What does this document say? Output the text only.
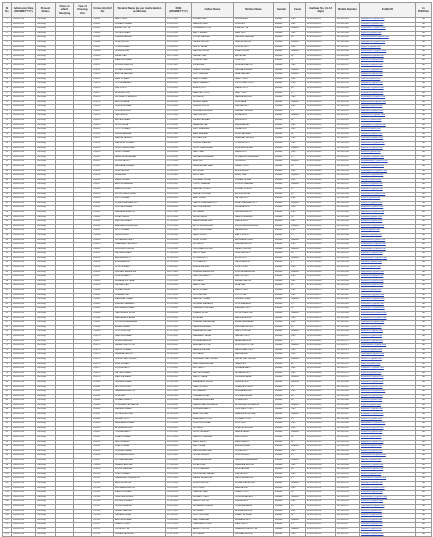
Sl No	Admission Date (DD/MM/YYYY)	Present Status	Class in which Studying	Year of Passing Out	University Roll No	Student Name (as per matriculation certificate)	DOB (DD/MM/YYYY)	Father Name	Mother Name	Gender	Caste	Aadhaar No. (in 12 digit)	Mobile Number	E-Mail ID	In PH/Other
1	09/09/2019	Pursuing			120001	BANTI PAUL	12-11-2000	MOHAN PAUL	REKHA PAUL	Female	OBC	615011002011	9111001001	bantipaul11@gmail.com	No
2	09/09/2019	Pursuing			120002	SUMAN KUMARI	02-04-2001	RAMESH SAH	SITA DEVI	Female	OBC	615011002012	9111001002	sumank02@gmail.com	No
3	09/09/2019	Pursuing			120003	ANJALI DUTTA	17-08-2000	SUBRATA DUTTA	MINA DUTTA	Female	General	615011002013	9111001003	anjalidutta17@gmail.com	No
4	09/09/2019	Pursuing			120004	PRIYA KUMARI	25-01-2001	ANIL PRASAD	RANI DEVI	Female	OBC	615011002014	9111001004	priyak25@gmail.com	No
5	09/09/2019	Pursuing			120005	SNEHA MANDAL	08-06-2000	GOPAL MANDAL	LAKSHMI MANDAL	Female	SC	615011002015	9111001005	snehamandal08@gmail.com	No
6	09/09/2019	Pursuing			120006	RIYA GHOSH	30-10-2000	TAPAN GHOSH	SABITA GHOSH	Female	General	615011002016	9111001006	riyaghosh30@gmail.com	No
7	09/09/2019	Pursuing			120007	PUJA KUMARI	14-03-2001	BINOD YADAV	SUNITA DEVI	Female	OBC	615011002017	9111001007	pujak14@gmail.com	No
8	09/09/2019	Pursuing			120008	NISHA SINGH	21-07-2000	RAJESH SINGH	KIRAN SINGH	Female	General	615011002018	9111001008	nishasingh21@gmail.com	No
9	09/09/2019	Pursuing			120009	KAJAL DAS	05-12-2000	SANJAY DAS	ANITA DAS	Female	SC	615011002019	9111001009	kajaldas05@gmail.com	No
10	09/09/2019	Pursuing			120010	MAMTA KUMARI	19-09-2000	SURESH RAM	GITA DEVI	Female	SC	615011002020	9111001010	mamtak19@gmail.com	No
11	09/09/2019	Pursuing			120011	ROSHNI KHATUN	11-02-2001	MD ASLAM	RUBINA KHATUN	Female	OBC	615011002021	9111001011	roshnik11@gmail.com	No
12	09/09/2019	Pursuing			120012	SONALI BISWAS	27-05-2000	PRADIP BISWAS	SHIKHA BISWAS	Female	General	615011002022	9111001012	sonalib27@gmail.com	No
13	09/09/2019	Pursuing			120013	AMRITA SARKAR	03-11-2000	DILIP SARKAR	JAYA SARKAR	Female	General	615011002023	9111001013	amritas03@gmail.com	No
14	09/09/2019	Pursuing			120014	RANI KUMARI	16-08-2000	MANOJ SHAH	SAROJ DEVI	Female	OBC	615011002024	9111001014	ranik16@gmail.com	No
15	09/09/2019	Pursuing			120015	POOJA MAHATO	09-04-2001	RAMJI MAHATO	PHOOLMATI DEVI	Female	OBC	615011002025	9111001015	poojam09@gmail.com	No
16	09/09/2019	Pursuing			120016	SHILPI ROY	22-01-2001	ASHOK ROY	MALATI ROY	Female	SC	615011002026	9111001016	shilpiroy22@gmail.com	No
17	09/09/2019	Pursuing			120017	MONIKA TUDU	13-06-2000	BABULAL TUDU	SAKI TUDU	Female	ST	615011002027	9111001017	monikat13@gmail.com	No
18	09/09/2019	Pursuing			120018	KHUSHBU PRAVEEN	28-09-2000	MD SALIM	NASIMA BEGUM	Female	OBC	615011002028	9111001018	khushbup28@gmail.com	No
19	09/09/2019	Pursuing			120019	ARPITA SAHA	06-03-2001	BIKASH SAHA	RITA SAHA	Female	General	615011002029	9111001019	arpitasaha06@gmail.com	No
20	09/09/2019	Pursuing			120020	SWETA KUMARI	18-10-2000	UMESH GUPTA	MEENA DEVI	Female	OBC	615011002030	9111001020	swetak18@gmail.com	No
21	09/09/2019	Pursuing			120021	DIPIKA MURMU	01-07-2000	SOMNATH MURMU	PARBATI MURMU	Female	ST	615011002031	9111001021	dipikam01@gmail.com	No
22	09/09/2019	Pursuing			120022	TANIYA SEN	24-12-2000	PARTHA SEN	RUMA SEN	Female	General	615011002032	9111001022	taniyasen24@gmail.com	No
23	09/09/2019	Pursuing			120023	ANITA KUMARI	12-05-2001	LALAN PASWAN	BIMLA DEVI	Female	SC	615011002033	9111001023	anitak12@gmail.com	No
24	09/09/2019	Pursuing			120024	SUPRIYA PAL	07-02-2001	NARAYAN PAL	KALPANA PAL	Female	OBC	615011002034	9111001024	supriyapal07@gmail.com	No
25	09/09/2019	Pursuing			120025	JYOTI KUMARI	29-08-2000	SHIV SHANKAR	USHA DEVI	Female	OBC	615011002035	9111001025	jyotik29@gmail.com	No
26	09/09/2019	Pursuing			120026	RIMPA BARMAN	15-11-2000	HARI BARMAN	MONI BARMAN	Female	SC	615011002036	9111001026	rimpab15@gmail.com	No
27	09/09/2019	Pursuing			120027	SABINA YASMIN	04-04-2001	MD RAFIQUE	SHAHNAZ BEGUM	Female	OBC	615011002037	9111001027	sabinay04@gmail.com	No
28	09/09/2019	Pursuing			120028	MADHURI KUMARI	20-06-2000	DINESH MANDAL	PUSHPA DEVI	Female	OBC	615011002038	9111001028	madhurik20@gmail.com	No
29	09/09/2019	Pursuing			120029	PAYEL MAJUMDAR	10-01-2001	SUDIP MAJUMDAR	DIPA MAJUMDAR	Female	General	615011002039	9111001029	payelm10@gmail.com	No
30	09/09/2019	Pursuing			120030	RINKI KUMARI	26-09-2000	RAJU SAH	MAYA DEVI	Female	OBC	615011002040	9111001030	rinkik26@gmail.com	No
31	09/09/2019	Pursuing			120031	SANGITA HEMBRAM	02-03-2001	LAKHAN HEMBRAM	SONAMUNI HEMBRAM	Female	ST	615011002041	9111001031	sangitah02@gmail.com	No
32	09/09/2019	Pursuing			120032	MOUMITA DEY	17-07-2000	ASIM DEY	SIPRA DEY	Female	General	615011002042	9111001032	moumitadey17@gmail.com	No
33	09/09/2019	Pursuing			120033	RANJANA KUMARI	08-12-2000	KAMESHWAR RAM	SHANTI DEVI	Female	SC	615011002043	9111001033	ranjanak08@gmail.com	No
34	09/09/2019	Pursuing			120034	SUMI BEGUM	23-04-2001	MD ISLAM	ROKEYA BIBI	Female	OBC	615011002044	9111001034	sumibegum23@gmail.com	No
35	09/09/2019	Pursuing			120035	NEHA JHA	11-10-2000	BIPIN JHA	RENU JHA	Female	General	615011002045	9111001035	nehajha11@gmail.com	No
36	09/09/2019	Pursuing			120036	RAKHI GORAI	05-05-2001	SHYAMAL GORAI	CHHABI GORAI	Female	OBC	615011002046	9111001036	rakhig05@gmail.com	No
37	09/09/2019	Pursuing			120037	ANKITA SHARMA	19-02-2001	VINOD SHARMA	KUSUM SHARMA	Female	General	615011002047	9111001037	ankitas19@gmail.com	No
38	09/09/2019	Pursuing			120038	BABITA SOREN	30-08-2000	MANGAL SOREN	DULARI SOREN	Female	ST	615011002048	9111001038	babitas30@gmail.com	No
39	09/09/2019	Pursuing			120039	SUCHITRA MONDAL	14-01-2001	PANKAJ MONDAL	BELA MONDAL	Female	SC	615011002049	9111001039	suchitram14@gmail.com	No
40	09/09/2019	Pursuing			120040	PRITI KUMARI	09-06-2000	AJAY SINGH	LALITA DEVI	Female	OBC	615011002050	9111001040	pritik09@gmail.com	No
41	09/09/2019	Pursuing			120041	SOMA CHAKRABORTY	25-03-2001	TARUN CHAKRABORTY	MITA CHAKRABORTY	Female	General	615011002051	9111001041	somac25@gmail.com	No
42	09/09/2019	Pursuing			120042	GUDIYA KUMARI	03-09-2000	SATYENDRA RAY	SHOBHA DEVI	Female	OBC	615011002052	9111001042	gudiyak03@gmail.com	No
43	09/09/2019	Pursuing			120043	FARHANA KHATUN	18-11-2000	MD JAMAL	SALMA KHATUN	Female	OBC	615011002053	9111001043	farhanak18@gmail.com	No
44	09/09/2019	Pursuing			120044	MITALI BAURI	06-07-2000	NEPAL BAURI	SANDHYA BAURI	Female	SC	615011002054	9111001044	mitalib06@gmail.com	No
45	09/09/2019	Pursuing			120045	KAVITA KUMARI	21-04-2001	RAMESHWAR SAO	KAMLA DEVI	Female	OBC	615011002055	9111001045	kavitak21@gmail.com	No
46	09/09/2019	Pursuing			120046	BARSHA MUKHERJEE	12-12-2000	ALOK MUKHERJEE	SUPRIYA MUKHERJEE	Female	General	615011002056	9111001046	barsham12@gmail.com	No
47	09/09/2019	Pursuing			120047	RITU KUMARI	28-02-2001	SANTOSH KUMAR	RADHA DEVI	Female	OBC	615011002057	9111001047	rituk28@gmail.com	No
48	09/09/2019	Pursuing			120048	LAXMI KISKU	16-09-2000	RAMU KISKU	MALTI KISKU	Female	ST	615011002058	9111001048	laxmik16@gmail.com	No
49	09/09/2019	Pursuing			120049	PRIYANKA DUBEY	04-05-2000	SUNIL DUBEY	ARCHANA DUBEY	Female	General	615011002059	9111001049	priyankad04@gmail.com	No
50	09/09/2019	Pursuing			120050	SHABNAM PARVEEN	22-10-2000	MD KALIM	ZARINA BEGUM	Female	OBC	615011002060	9111001050	shabnamp22@gmail.com	No
51	09/09/2019	Pursuing			120051	MOUSUMI GHOSH	10-03-2001	SUKUMAR GHOSH	TAPASI GHOSH	Female	General	615011002061	9111001051	mousumig10@gmail.com	No
52	09/09/2019	Pursuing			120052	SAPNA KUMARI	27-06-2000	PAPPU RAM	SUMITRA DEVI	Female	SC	615011002062	9111001052	sapnak27@gmail.com	No
53	09/09/2019	Pursuing			120053	ANUSHKA ROY	15-08-2000	SOUMEN ROY	MITHU ROY	Female	General	615011002063	9111001053	anushkaroy15@gmail.com	No
54	09/09/2019	Pursuing			120054	RUMA BASKEY	01-01-2001	JITU BASKEY	LAKHI BASKEY	Female	ST	615011002064	9111001054	rumab01@gmail.com	No
55	09/09/2019	Pursuing			120055	SONI KUMARI	19-05-2001	BIRENDRA SAH	PHULO DEVI	Female	OBC	615011002065	9111001055	sonik19@gmail.com	No
56	09/09/2019	Pursuing			120056	DEBJANI BANERJEE	08-11-2000	SUBHAS BANERJEE	SUMITA BANERJEE	Female	General	615011002066	9111001056	debjanib08@gmail.com	No
57	09/09/2019	Pursuing			120057	SUNITA MAHTO	24-07-2000	JAGDISH MAHTO	SAVITRI DEVI	Female	OBC	615011002067	9111001057	sunitam24@gmail.com	No
58	09/09/2019	Pursuing			120058	REHANA SULTANA	13-02-2001	MD HANIF	AMINA KHATUN	Female	OBC	615011002068	9111001058	rehanas13@gmail.com	No
59	09/09/2019	Pursuing			120059	PALLABI DAS	29-09-2000	BABLU DAS	RINA DAS	Female	SC	615011002069	9111001059	pallabid29@gmail.com	No
60	09/09/2019	Pursuing			120060	KUMARI NIDHI	05-04-2001	ARUN KUMAR	MANJU DEVI	Female	OBC	615011002070	9111001060	nidhik05@gmail.com	No
61	09/09/2019	Pursuing			120061	SRABANI PAL	20-12-2000	GOUTAM PAL	PUTUL PAL	Female	OBC	615011002071	9111001061	srabanip20@gmail.com	No
62	09/09/2019	Pursuing			120062	MANISHA TIWARI	11-06-2000	RAKESH TIWARI	SEEMA TIWARI	Female	General	615011002072	9111001062	manishat11@gmail.com	No
63	09/09/2019	Pursuing			120063	SHEFALI MARANDI	02-10-2000	BUDHAN MARANDI	SONI MARANDI	Female	ST	615011002073	9111001063	shefalim02@gmail.com	No
64	09/09/2019	Pursuing			120064	ARCHANA KUMARI	17-03-2001	SHAMBHU PASWAN	RAMPARI DEVI	Female	SC	615011002074	9111001064	archanak17@gmail.com	No
65	09/09/2019	Pursuing			120065	TANUSHREE BOSE	09-08-2000	PRABIR BOSE	SUCHITRA BOSE	Female	General	615011002075	9111001065	tanushreeb09@gmail.com	No
66	09/09/2019	Pursuing			120066	MAHJABEEN ALAM	26-01-2001	MD ALAM	FARIDA BEGUM	Female	OBC	615011002076	9111001066	mahjabeen26@gmail.com	No
67	09/09/2019	Pursuing			120067	SUSMITA KARMAKAR	14-05-2000	SWAPAN KARMAKAR	ASHA KARMAKAR	Female	OBC	615011002077	9111001067	susmitak14@gmail.com	No
68	09/09/2019	Pursuing			120068	ASHA KUMARI	30-11-2000	NAGENDRA RAM	KAUSHALYA DEVI	Female	SC	615011002078	9111001068	ashak30@gmail.com	No
69	09/09/2019	Pursuing			120069	DOLON MITRA	07-07-2000	SHANKAR MITRA	KAKOLI MITRA	Female	General	615011002079	9111001069	dolonm07@gmail.com	No
70	09/09/2019	Pursuing			120070	SARITA KUMARI	23-02-2001	RAMBABU YADAV	PARVATI DEVI	Female	OBC	615011002080	9111001070	saritak23@gmail.com	No
71	09/09/2019	Pursuing			120071	MUNNI HANSDA	12-09-2000	SOMRA HANSDA	BAHA HANSDA	Female	ST	615011002081	9111001071	munnih12@gmail.com	No
72	09/09/2019	Pursuing			120072	SAYANTIKA DUTTA	04-03-2001	ANIRBAN DUTTA	MOUSUMI DUTTA	Female	General	615011002082	9111001072	sayantikad04@gmail.com	No
73	09/09/2019	Pursuing			120073	SANJU KUMARI	18-12-2000	HARENDRA SAH	RAJKUMARI DEVI	Female	OBC	615011002083	9111001073	sanjuk18@gmail.com	No
74	09/09/2019	Pursuing			120074	SAHANA PARVIN	06-06-2000	MD NASIR	HASINA BIBI	Female	OBC	615011002084	9111001074	sahanap06@gmail.com	No
75	09/09/2019	Pursuing			120075	ISHITA CHATTERJEE	21-10-2000	SUBRATA CHATTERJEE	PAPIA CHATTERJEE	Female	General	615011002085	9111001075	ishitac21@gmail.com	No
76	09/09/2019	Pursuing			120076	RUBI KUMARI	10-04-2001	RAMCHANDRA DAS	TARA DEVI	Female	SC	615011002086	9111001076	rubik10@gmail.com	No
77	09/09/2019	Pursuing			120077	SUDIPA MAITY	27-01-2001	ASIT MAITY	SUMANA MAITY	Female	OBC	615011002087	9111001077	sudipam27@gmail.com	No
78	09/09/2019	Pursuing			120078	LALITA KUMARI	15-07-2000	BHOLA PRASAD	SUNAINA DEVI	Female	OBC	615011002088	9111001078	lalitak15@gmail.com	No
79	09/09/2019	Pursuing			120079	MALLIKA SAHA	03-05-2001	RANJIT SAHA	KRISHNA SAHA	Female	General	615011002089	9111001079	mallikas03@gmail.com	No
80	09/09/2019	Pursuing			120080	SEEMA KUMARI	22-08-2000	RAMANAND SINGH	URMILA DEVI	Female	General	615011002090	9111001080	seemak22@gmail.com	No
81	09/09/2019	Pursuing			120081	BIJOYA SOREN	09-02-2001	SAMU SOREN	CHAMPA SOREN	Female	ST	615011002091	9111001081	bijoyas09@gmail.com	No
82	09/09/2019	Pursuing			120082	TAMANNA KHATUN	28-11-2000	MD SHAMIM	NURJAHAN BIBI	Female	OBC	615011002092	9111001082	tamannak28@gmail.com	No
83	09/09/2019	Pursuing			120083	RIYA DAS	16-06-2000	PRASANTA DAS	SUCHANDA DAS	Female	SC	615011002093	9111001083	riyadas16@gmail.com	No
84	09/09/2019	Pursuing			120084	KUMARI SHALU	05-09-2000	DHARMENDRA RAM	SOBHA DEVI	Female	SC	615011002094	9111001084	shaluk05@gmail.com	No
85	09/09/2019	Pursuing			120085	PUJA BHATTACHARYA	24-03-2001	SAMIR BHATTACHARYA	RUPA BHATTACHARYA	Female	General	615011002095	9111001085	pujab24@gmail.com	No
86	09/09/2019	Pursuing			120086	MEERA KUMARI	11-12-2000	KRISHNA MAHTO	PHULWANTI DEVI	Female	OBC	615011002096	9111001086	meerak11@gmail.com	No
87	09/09/2019	Pursuing			120087	SUTAPA GHOSAL	01-08-2000	AMAL GHOSAL	SHARMILA GHOSAL	Female	General	615011002097	9111001087	sutapag01@gmail.com	No
88	09/09/2019	Pursuing			120088	NILIMA TUDU	19-04-2001	BHAGIRATH TUDU	FULMANI TUDU	Female	ST	615011002098	9111001088	nilimat19@gmail.com	No
89	09/09/2019	Pursuing			120089	BANDANA KUMARI	07-10-2000	SUBODH KUMAR	INDU DEVI	Female	OBC	615011002099	9111001089	bandanak07@gmail.com	No
90	09/09/2019	Pursuing			120090	AFSANA BEGUM	26-05-2000	MD SAJID	MUMTAZ BEGUM	Female	OBC	615011002100	9111001090	afsanab26@gmail.com	No
91	09/09/2019	Pursuing			120091	TRISHA NANDI	13-01-2001	SUDIPTA NANDI	PAMPA NANDI	Female	General	615011002101	9111001091	trishan13@gmail.com	No
92	09/09/2019	Pursuing			120092	KIRAN KUMARI	31-07-2000	RAMDEV PASWAN	SAVITA DEVI	Female	SC	615011002102	9111001092	kirank31@gmail.com	No
93	09/09/2019	Pursuing			120093	PAPIYA BAGDI	20-02-2001	HARU BAGDI	MANU BAGDI	Female	SC	615011002103	9111001093	papiyab20@gmail.com	No
94	09/09/2019	Pursuing			120094	SWATI SINHA	08-09-2000	ANIL SINHA	REKHA SINHA	Female	General	615011002104	9111001094	swatis08@gmail.com	No
95	09/09/2019	Pursuing			120095	DURGA KUMARI	25-06-2000	BALESHWAR SAH	SUGIA DEVI	Female	OBC	615011002105	9111001095	durgak25@gmail.com	No
96	09/09/2019	Pursuing			120096	SUCHANA MURMU	14-11-2000	GOPAL MURMU	SUMI MURMU	Female	ST	615011002106	9111001096	suchanam14@gmail.com	No
97	09/09/2019	Pursuing			120097	RITIKA AGARWAL	02-04-2001	PAWAN AGARWAL	SANGEETA AGARWAL	Female	General	615011002107	9111001097	ritikaa02@gmail.com	No
98	09/09/2019	Pursuing			120098	SHAHIN AKHTAR	17-08-2000	MD AKHTAR	SHAMIMA BEGUM	Female	OBC	615011002108	9111001098	shahina17@gmail.com	No
99	09/09/2019	Pursuing			120099	MOUMI SARKAR	05-12-2000	PINTU SARKAR	RITA SARKAR	Female	SC	615011002109	9111001099	moumis05@gmail.com	No
100	09/09/2019	Pursuing			120100	PINKI KUMARI	23-03-2001	DEVENDRA PRASAD	GEETA DEVI	Female	OBC	615011002110	9111001100	pinkik23@gmail.com	No
101	09/09/2019	Pursuing			120101	SARASWATI HEMBROM	10-07-2000	RATAN HEMBROM	LAKHI HEMBROM	Female	ST	615011002111	9111001101	saraswatih10@gmail.com	No
102	09/09/2019	Pursuing			120102	ANKITA GHOSH	29-10-2000	SUBIR GHOSH	MONALISA GHOSH	Female	General	615011002112	9111001102	ankitag29@gmail.com	No
103	09/09/2019	Pursuing			120103	RUKSANA KHATUN	16-01-2001	MD YUNUS	SAHIDA BIBI	Female	OBC	615011002113	9111001103	ruksanak16@gmail.com	No
104	09/09/2019	Pursuing			120104	MANJU KUMARI	04-06-2000	GANESH RAM	SHANTI DEVI	Female	SC	615011002114	9111001104	manjuk04@gmail.com	No
105	09/09/2019	Pursuing			120105	DEBOSMITA PAUL	21-09-2000	BISWAJIT PAUL	SUDESHNA PAUL	Female	General	615011002115	9111001105	debosmitap21@gmail.com	No
106	09/09/2019	Pursuing			120106	KHUSHI KUMARI	12-02-2001	SANJIV GUPTA	REENA DEVI	Female	OBC	615011002116	9111001106	khushik12@gmail.com	No
107	09/09/2019	Pursuing			120107	SUSMITA BAURI	30-05-2000	BISWANATH BAURI	PURNIMA BAURI	Female	SC	615011002117	9111001107	susmitab30@gmail.com	No
108	09/09/2019	Pursuing			120108	NEHA PRAVEEN	18-11-2000	MD IRFAN	AFSANA BEGUM	Female	OBC	615011002118	9111001108	nehap18@gmail.com	No
109	09/09/2019	Pursuing			120109	TANIA MONDAL	07-03-2001	SUJIT MONDAL	MINATI MONDAL	Female	SC	615011002119	9111001109	taniam07@gmail.com	No
110	09/09/2019	Pursuing			120110	ARPITA KUMARI	25-08-2000	RAVI SHANKAR	NIRMALA DEVI	Female	General	615011002120	9111001110	arpitak25@gmail.com	No
111	09/09/2019	Pursuing			120111	SHANTI KISKU	13-12-2000	DASHRATH KISKU	RANI KISKU	Female	ST	615011002121	9111001111	shantik13@gmail.com	No
112	09/09/2019	Pursuing			120112	PRIYA DUTTA	01-04-2001	ABHIJIT DUTTA	SHARMISTHA DUTTA	Female	General	615011002122	9111001112	priyad01@gmail.com	No
113	09/09/2019	Pursuing			120113	SUMAN PARVEEN	19-07-2000	MD WASIM	KAUSAR BEGUM	Female	OBC	615011002123	9111001113	sumanp19@gmail.com	No
